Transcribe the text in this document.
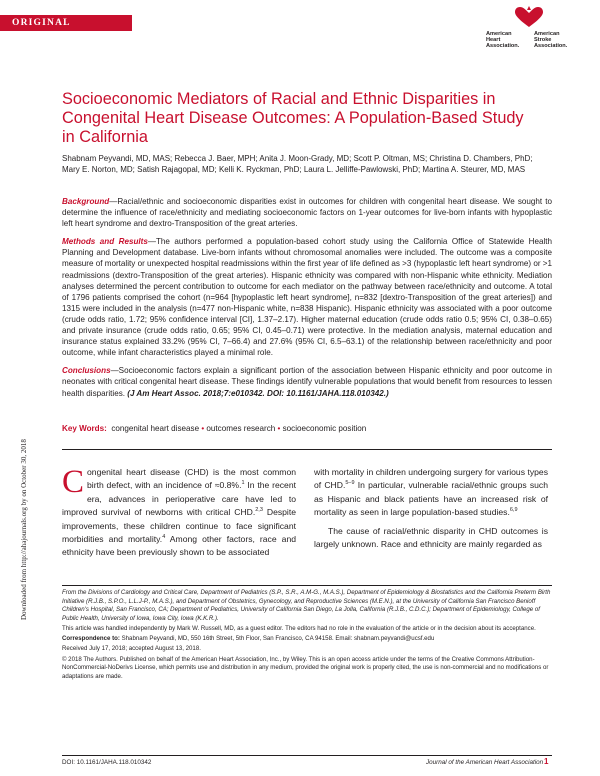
ORIGINAL RESEARCH	American
Heart
Association.
American
Stroke
Association.
Socioeconomic Mediators of Racial and Ethnic Disparities in Congenital Heart Disease Outcomes: A Population-Based Study in California
Shabnam Peyvandi, MD, MAS; Rebecca J. Baer, MPH; Anita J. Moon-Grady, MD; Scott P. Oltman, MS; Christina D. Chambers, PhD; Mary E. Norton, MD; Satish Rajagopal, MD; Kelli K. Ryckman, PhD; Laura L. Jelliffe-Pawlowski, PhD; Martina A. Steurer, MD, MAS

Background—Racial/ethnic and socioeconomic disparities exist in outcomes for children with congenital heart disease. We sought to determine the influence of race/ethnicity and mediating socioeconomic factors on 1-year outcomes for live-born infants with hypoplastic left heart syndrome and dextro-Transposition of the great arteries.

Methods and Results—The authors performed a population-based cohort study using the California Office of Statewide Health Planning and Development database. Live-born infants without chromosomal anomalies were included. The outcome was a composite measure of mortality or unexpected hospital readmissions within the first year of life defined as >3 (hypoplastic left heart syndrome) or >1 readmissions (dextro-Transposition of the great arteries). Hispanic ethnicity was compared with non-Hispanic white ethnicity. Mediation analyses determined the percent contribution to outcome for each mediator on the pathway between race/ethnicity and outcome. A total of 1796 patients comprised the cohort (n=964 [hypoplastic left heart syndrome], n=832 [dextro-Transposition of the great arteries]) and 1315 were included in the analysis (n=477 non-Hispanic white, n=838 Hispanic). Hispanic ethnicity was associated with a poor outcome (crude odds ratio, 1.72; 95% confidence interval [CI], 1.37–2.17). Higher maternal education (crude odds ratio 0.5; 95% CI, 0.38–0.65) and private insurance (crude odds ratio, 0.65; 95% CI, 0.45–0.71) were protective. In the mediation analysis, maternal education and insurance status explained 33.2% (95% CI, 7–66.4) and 27.6% (95% CI, 6.5–63.1) of the relationship between race/ethnicity and poor outcome, while infant characteristics played a minimal role.

Conclusions—Socioeconomic factors explain a significant portion of the association between Hispanic ethnicity and poor outcome in neonates with critical congenital heart disease. These findings identify vulnerable populations that would benefit from resources to lessen health disparities. (J Am Heart Assoc. 2018;7:e010342. DOI: 10.1161/JAHA.118.010342.)

Key Words: congenital heart disease • outcomes research • socioeconomic position
Downloaded from http://ahajournals.org by on October 30, 2018 Congenital heart disease (CHD) is the most common birth defect, with an incidence of ≈0.8%.$^1$ In the recent era, advances in perioperative care have led to improved survival of newborns with critical CHD.$^{2,3}$ Despite improvements, these children continue to face significant morbidities and mortality.$^4$ Among other factors, race and ethnicity have been previously shown to be associated

with mortality in children undergoing surgery for various types of CHD.$^{5-9}$ In particular, vulnerable racial/ethnic groups such as Hispanic and black patients have an increased risk of mortality as seen in large population-based studies.$^{6,9}$

The cause of racial/ethnic disparity in CHD outcomes is largely unknown. Race and ethnicity are mainly regarded as

From the Divisions of Cardiology and Critical Care, Department of Pediatrics (S.P., S.R., A.M-G., M.A.S.), Department of Epidemiology & Biostatistics and the California Preterm Birth Initiative (R.J.B., S.P.O., L.L.J-P., M.A.S.), and Department of Obstetrics, Gynecology, and Reproductive Sciences (M.E.N.), at the University of California San Francisco Benioff Children's Hospital, San Francisco, CA; Department of Pediatrics, University of California San Diego, La Jolla, California (R.J.B., C.D.C.); Department of Epidemiology, College of Public Health, University of Iowa, Iowa City, Iowa (K.K.R.).

This article was handled independently by Mark W. Russell, MD, as a guest editor. The editors had no role in the evaluation of the article or in the decision about its acceptance.

Correspondence to: Shabnam Peyvandi, MD, 550 16th Street, 5th Floor, San Francisco, CA 94158. Email: shabnam.peyvandi@ucsf.edu

Received July 17, 2018; accepted August 13, 2018.

© 2018 The Authors. Published on behalf of the American Heart Association, Inc., by Wiley. This is an open access article under the terms of the Creative Commons Attribution-NonCommercial-NoDerivs License, which permits use and distribution in any medium, provided the original work is properly cited, the use is non-commercial and no modifications or adaptations are made.

DOI: 10.1161/JAHA.118.010342	Journal of the American Heart Association 1
